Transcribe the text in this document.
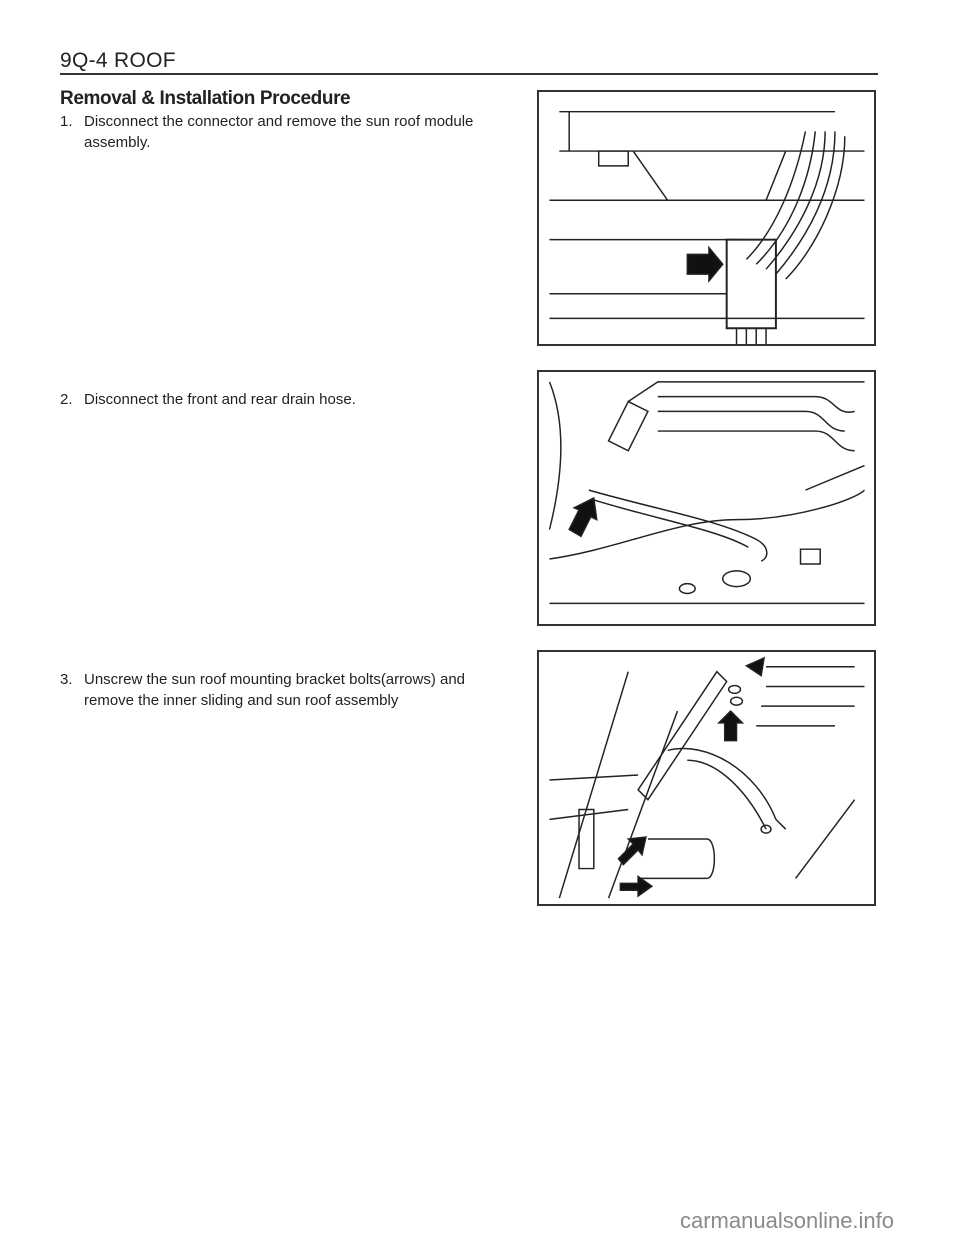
9Q-4 ROOF
Removal & Installation Procedure
1. Disconnect the connector and remove the sun roof module assembly.
2. Disconnect the front and rear drain hose.
3. Unscrew the sun roof mounting bracket bolts(arrows) and remove the inner sliding and sun roof assembly
carmanualsonline.info
